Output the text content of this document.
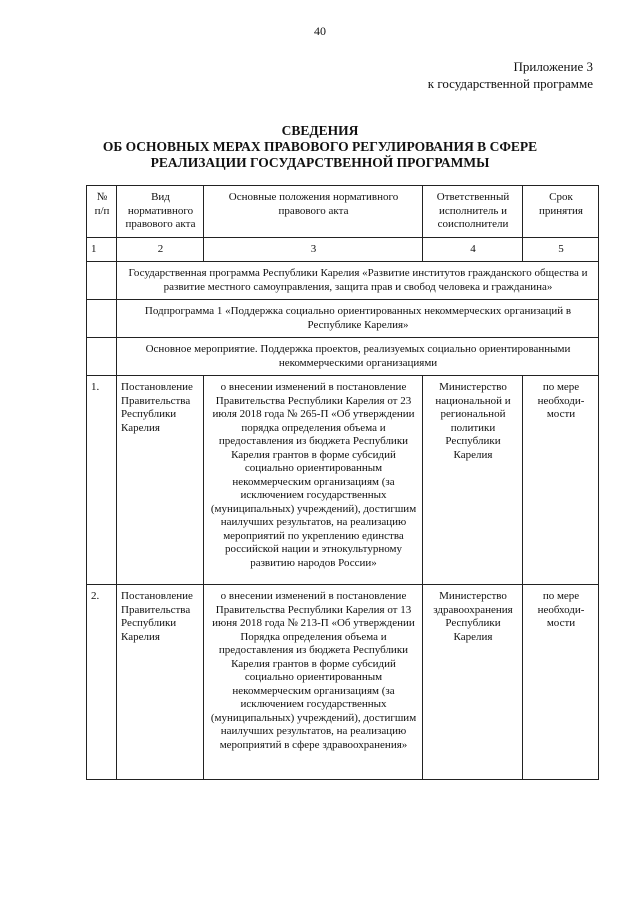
40
Приложение 3
к государственной программе
СВЕДЕНИЯ
ОБ ОСНОВНЫХ МЕРАХ ПРАВОВОГО РЕГУЛИРОВАНИЯ В СФЕРЕ
РЕАЛИЗАЦИИ ГОСУДАРСТВЕННОЙ ПРОГРАММЫ
№ п/п	Вид нормативного правового акта	Основные положения нормативного правового акта	Ответственный исполнитель и соисполнители	Срок принятия
1	2	3	4	5
	Государственная программа Республики Карелия «Развитие институтов гражданского общества и развитие местного самоуправления, защита прав и свобод человека и гражданина»			
	Подпрограмма 1 «Поддержка социально ориентированных некоммерческих организаций в Республике Карелия»			
	Основное мероприятие. Поддержка проектов, реализуемых социально ориентированными некоммерческими организациями			
1.	Постановление Правительства Республики Карелия	о внесении изменений в постановление Правительства Республики Карелия от 23 июля 2018 года № 265-П «Об утверждении порядка определения объема и предоставления из бюджета Республики Карелия грантов в форме субсидий социально ориентированным некоммерческим организациям (за исключением государственных (муниципальных) учреждений), достигшим наилучших результатов, на реализацию мероприятий по укреплению единства российской нации и этнокультурному развитию народов России»	Министерство национальной и региональной политики Республики Карелия	по мере необходи-мости
2.	Постановление Правительства Республики Карелия	о внесении изменений в постановление Правительства Республики Карелия от 13 июня 2018 года № 213-П «Об утверждении Порядка определения объема и предоставления из бюджета Республики Карелия грантов в форме субсидий социально ориентированным некоммерческим организациям (за исключением государственных (муниципальных) учреждений), достигшим наилучших результатов, на реализацию мероприятий в сфере здравоохранения»	Министерство здравоохранения Республики Карелия	по мере необходи-мости
